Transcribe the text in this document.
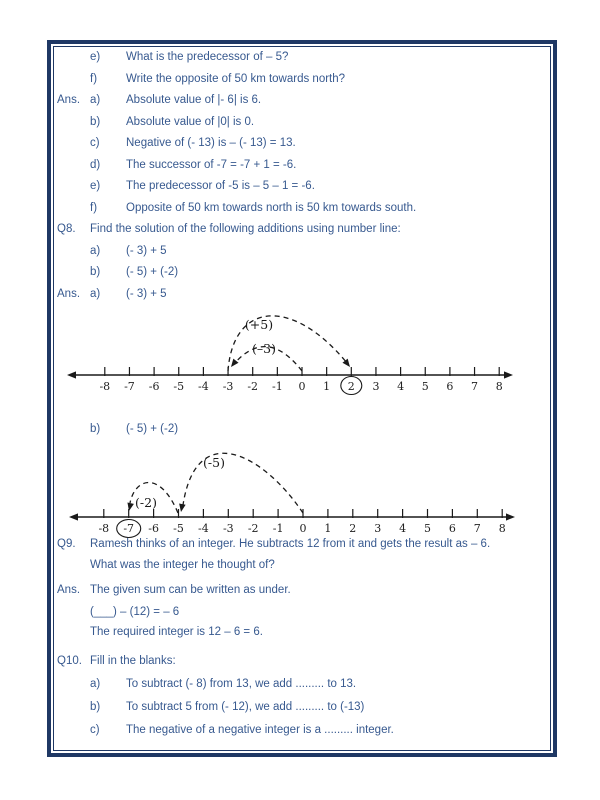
e) What is the predecessor of – 5?
f)	Write the opposite of 50 km towards north?
Ans. a) Absolute value of |- 6| is 6.
b) Absolute value of |0| is 0.
c) Negative of (- 13) is – (- 13) = 13.
d) The successor of -7 = -7 + 1 = -6.
e) The predecessor of -5 is – 5 – 1 = -6.
f)	Opposite of 50 km towards north is 50 km towards south.
Q8. Find the solution of the following additions using number line:
a) (- 3) + 5
b) (- 5) + (-2)
Ans. a) (- 3) + 5
b) (- 5) + (-2)
Q9. Ramesh thinks of an integer. He subtracts 12 from it and gets the result as – 6.
What was the integer he thought of?
Ans. The given sum can be written as under.
(___) – (12) = – 6
The required integer is 12 – 6 = 6.
Q10. Fill in the blanks:
a) To subtract (- 8) from 13, we add ......... to 13.
b) To subtract 5 from (- 12), we add ......... to (-13)
c) The negative of a negative integer is a ......... integer.
-8 -7 -6 -5 -4 -3 -2 -1 0 1 2 3 4 5 6 7 8
(+5)
(–3)
-8 -7 -6 -5 -4 -3 -2 -1 0 1 2 3 4 5 6 7 8
(-5)
(-2)
